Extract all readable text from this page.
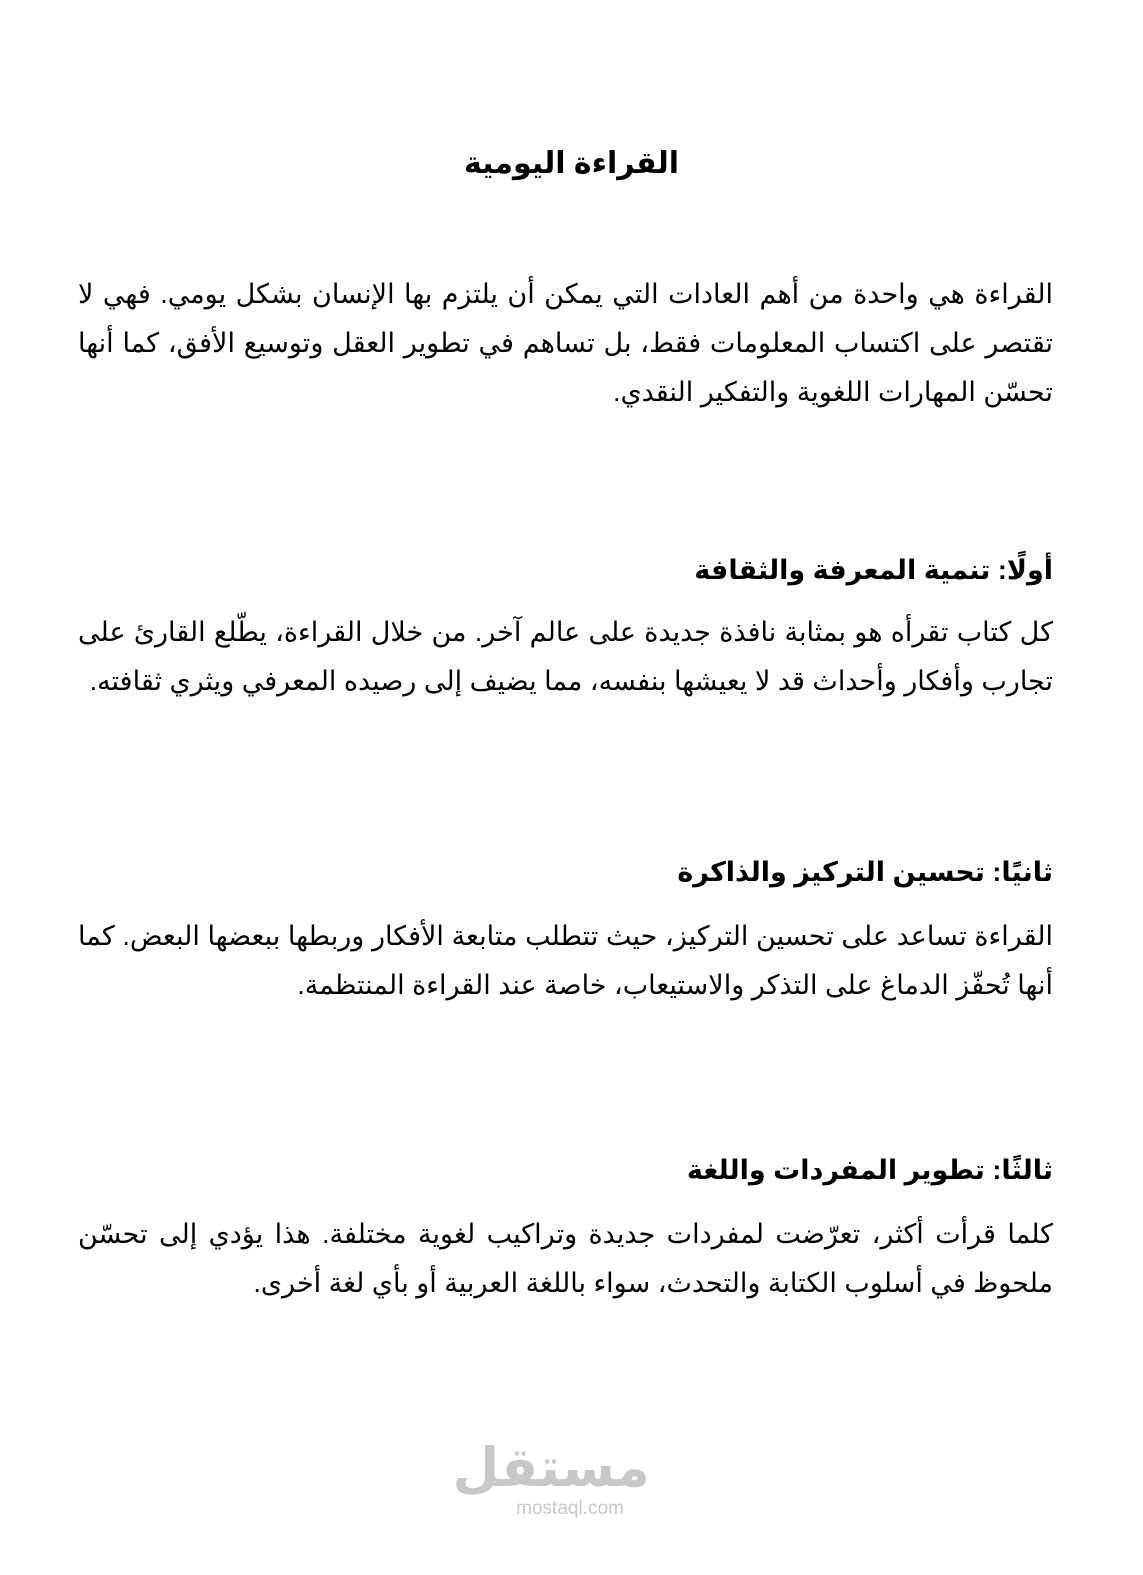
القراءة اليومية

القراءة هي واحدة من أهم العادات التي يمكن أن يلتزم بها الإنسان بشكل يومي. فهي لا تقتصر على اكتساب المعلومات فقط، بل تساهم في تطوير العقل وتوسيع الأفق، كما أنها تحسّن المهارات اللغوية والتفكير النقدي.

أولًا: تنمية المعرفة والثقافة

كل كتاب تقرأه هو بمثابة نافذة جديدة على عالم آخر. من خلال القراءة، يطّلع القارئ على تجارب وأفكار وأحداث قد لا يعيشها بنفسه، مما يضيف إلى رصيده المعرفي ويثري ثقافته.

ثانيًا: تحسين التركيز والذاكرة

القراءة تساعد على تحسين التركيز، حيث تتطلب متابعة الأفكار وربطها ببعضها البعض. كما أنها تُحفّز الدماغ على التذكر والاستيعاب، خاصة عند القراءة المنتظمة.

ثالثًا: تطوير المفردات واللغة

كلما قرأت أكثر، تعرّضت لمفردات جديدة وتراكيب لغوية مختلفة. هذا يؤدي إلى تحسّن ملحوظ في أسلوب الكتابة والتحدث، سواء باللغة العربية أو بأي لغة أخرى.

مستقل
mostaql.com
